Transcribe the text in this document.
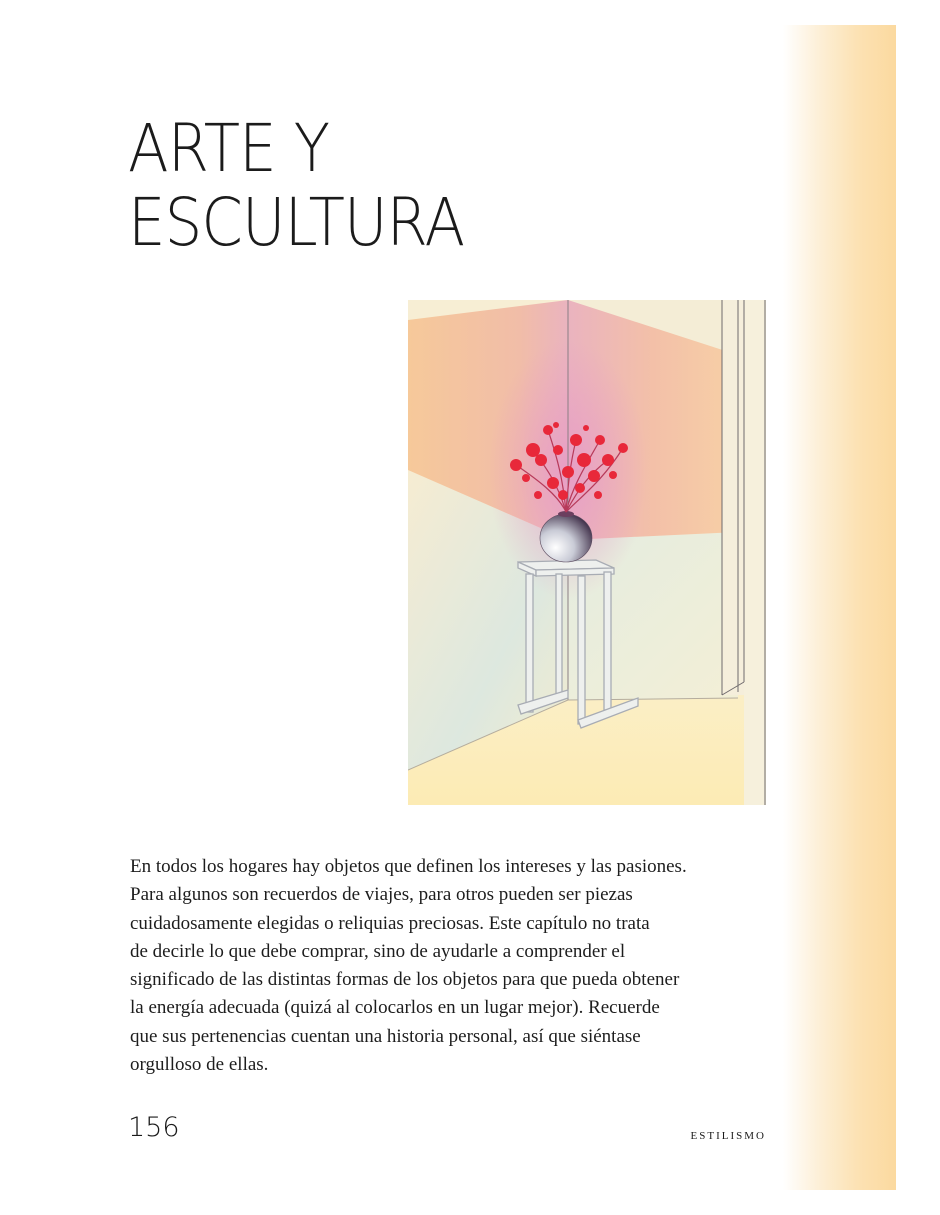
ARTE Y
ESCULTURA

En todos los hogares hay objetos que definen los intereses y las pasiones.
Para algunos son recuerdos de viajes, para otros pueden ser piezas
cuidadosamente elegidas o reliquias preciosas. Este capítulo no trata
de decirle lo que debe comprar, sino de ayudarle a comprender el
significado de las distintas formas de los objetos para que pueda obtener
la energía adecuada (quizá al colocarlos en un lugar mejor). Recuerde
que sus pertenencias cuentan una historia personal, así que siéntase
orgulloso de ellas.

156	ESTILISMO
